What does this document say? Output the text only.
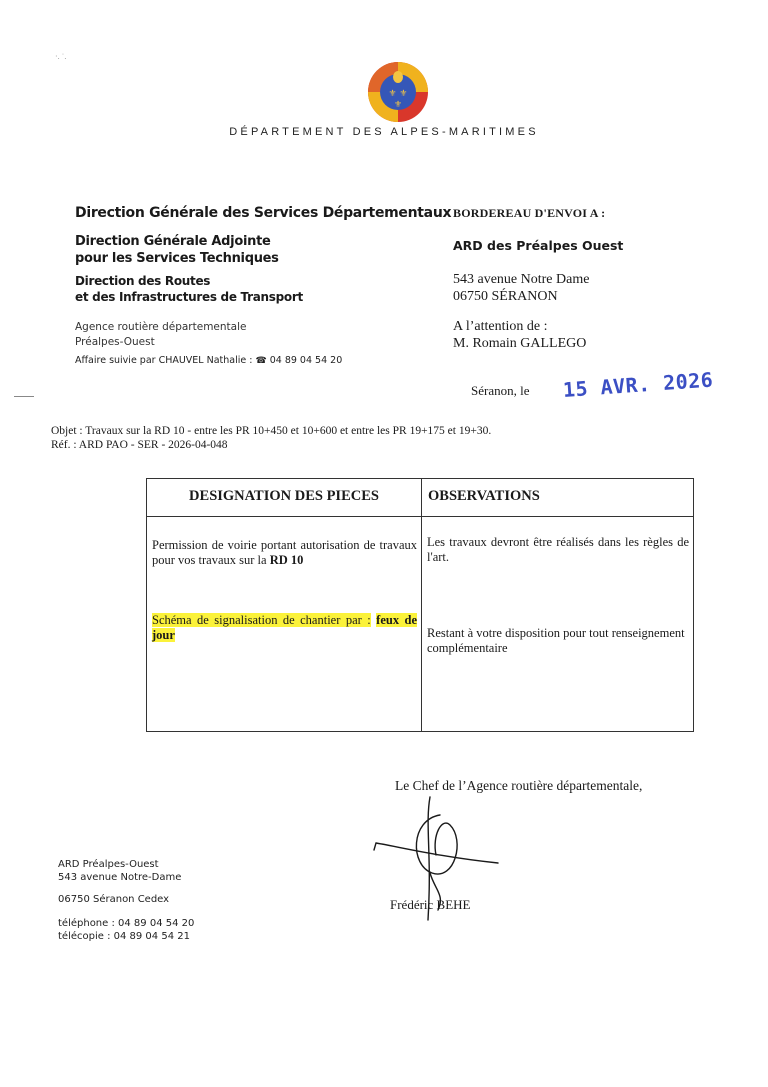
·. ˙.
⚜ ⚜
⚜
DÉPARTEMENT DES ALPES-MARITIMES
Direction Générale des Services Départementaux
Direction Générale Adjointe
pour les Services Techniques
Direction des Routes
et des Infrastructures de Transport
Agence routière départementale
Préalpes-Ouest
Affaire suivie par CHAUVEL Nathalie : ☎ 04 89 04 54 20
BORDEREAU D'ENVOI A :
ARD des Préalpes Ouest
543 avenue Notre Dame
06750 SÉRANON
A l’attention de :
M. Romain GALLEGO
Séranon, le 15 AVR. 2026
Objet : Travaux sur la RD 10 - entre les PR 10+450 et 10+600 et entre les PR 19+175 et 19+30.
Réf. : ARD PAO - SER - 2026-04-048
DESIGNATION DES PIECES	OBSERVATIONS
Permission de voirie portant autorisation de travaux pour vos travaux sur la RD 10
Les travaux devront être réalisés dans les règles de l'art.
Schéma de signalisation de chantier par : feux de jour	Restant à votre disposition pour tout renseignement complémentaire
Le Chef de l’Agence routière départementale,
Frédéric BEHE
ARD Préalpes-Ouest
543 avenue Notre-Dame
06750 Séranon Cedex
téléphone : 04 89 04 54 20
télécopie : 04 89 04 54 21
